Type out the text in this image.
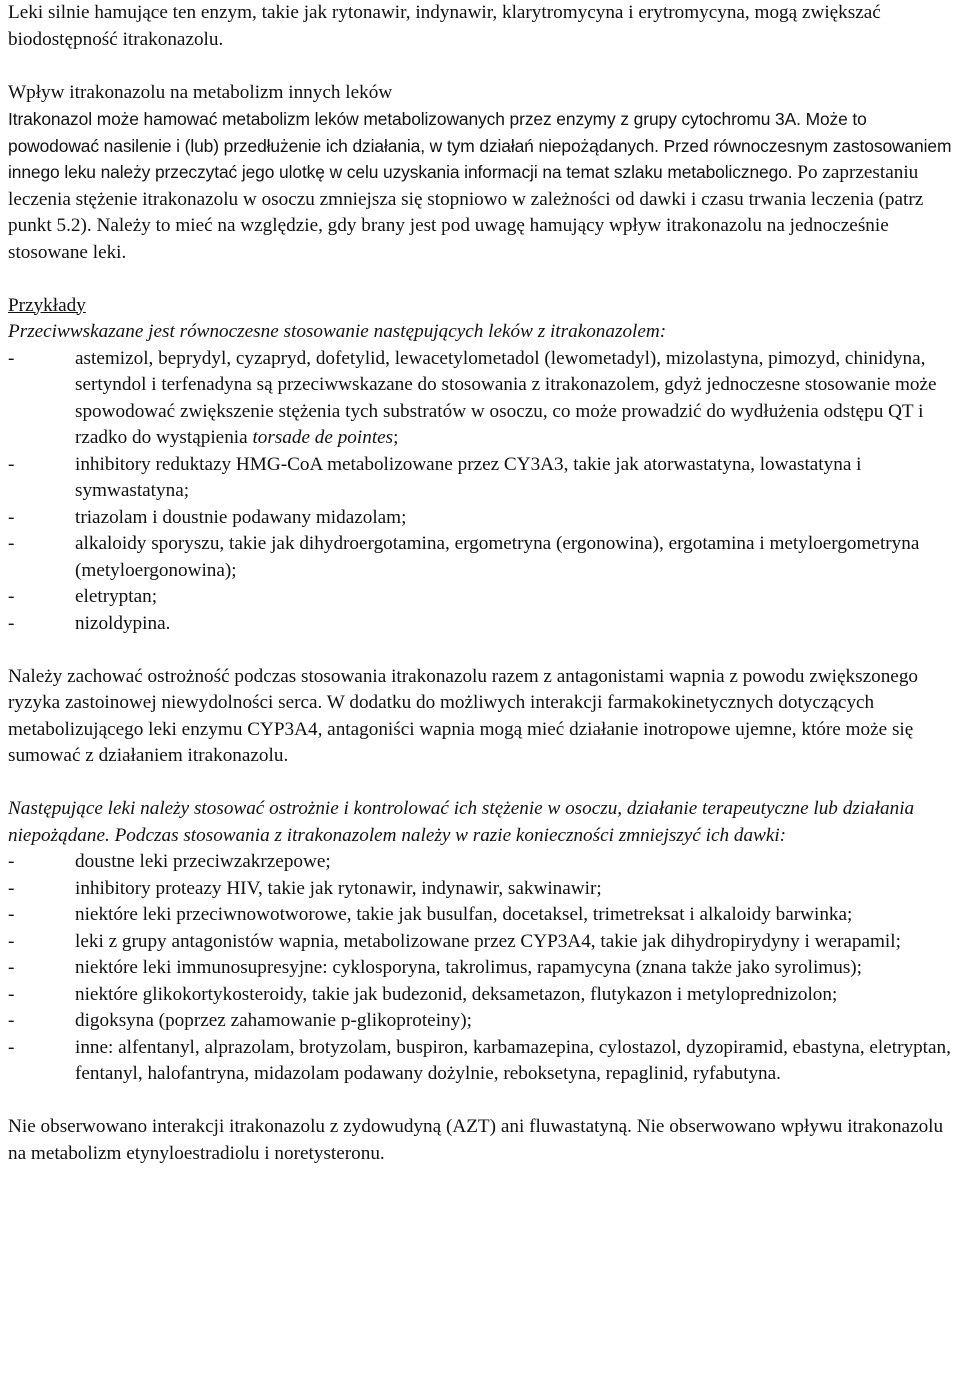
Leki silnie hamujące ten enzym, takie jak rytonawir, indynawir, klarytromycyna i erytromycyna, mogą zwiększać biodostępność itrakonazolu.

Wpływ itrakonazolu na metabolizm innych leków

Itrakonazol może hamować metabolizm leków metabolizowanych przez enzymy z grupy cytochromu 3A. Może to powodować nasilenie i (lub) przedłużenie ich działania, w tym działań niepożądanych. Przed równoczesnym zastosowaniem innego leku należy przeczytać jego ulotkę w celu uzyskania informacji na temat szlaku metabolicznego. Po zaprzestaniu leczenia stężenie itrakonazolu w osoczu zmniejsza się stopniowo w zależności od dawki i czasu trwania leczenia (patrz punkt 5.2). Należy to mieć na względzie, gdy brany jest pod uwagę hamujący wpływ itrakonazolu na jednocześnie stosowane leki.

Przykłady

Przeciwwskazane jest równoczesne stosowanie następujących leków z itrakonazolem:

-	astemizol, beprydyl, cyzapryd, dofetylid, lewacetylometadol (lewometadyl), mizolastyna, pimozyd, chinidyna, sertyndol i terfenadyna są przeciwwskazane do stosowania z itrakonazolem, gdyż jednoczesne stosowanie może spowodować zwiększenie stężenia tych substratów w osoczu, co może prowadzić do wydłużenia odstępu QT i rzadko do wystąpienia torsade de pointes;
-	inhibitory reduktazy HMG-CoA metabolizowane przez CY3A3, takie jak atorwastatyna, lowastatyna i symwastatyna;
-	triazolam i doustnie podawany midazolam;
-	alkaloidy sporyszu, takie jak dihydroergotamina, ergometryna (ergonowina), ergotamina i metyloergometryna (metyloergonowina);
-	eletryptan;
-	nizoldypina.

Należy zachować ostrożność podczas stosowania itrakonazolu razem z antagonistami wapnia z powodu zwiększonego ryzyka zastoinowej niewydolności serca. W dodatku do możliwych interakcji farmakokinetycznych dotyczących metabolizującego leki enzymu CYP3A4, antagoniści wapnia mogą mieć działanie inotropowe ujemne, które może się sumować z działaniem itrakonazolu.

Następujące leki należy stosować ostrożnie i kontrolować ich stężenie w osoczu, działanie terapeutyczne lub działania niepożądane. Podczas stosowania z itrakonazolem należy w razie konieczności zmniejszyć ich dawki:

-	doustne leki przeciwzakrzepowe;
-	inhibitory proteazy HIV, takie jak rytonawir, indynawir, sakwinawir;
-	niektóre leki przeciwnowotworowe, takie jak busulfan, docetaksel, trimetreksat i alkaloidy barwinka;
-	leki z grupy antagonistów wapnia, metabolizowane przez CYP3A4, takie jak dihydropirydyny i werapamil;
-	niektóre leki immunosupresyjne: cyklosporyna, takrolimus, rapamycyna (znana także jako syrolimus);
-	niektóre glikokortykosteroidy, takie jak budezonid, deksametazon, flutykazon i metyloprednizolon;
-	digoksyna (poprzez zahamowanie p-glikoproteiny);
-	inne: alfentanyl, alprazolam, brotyzolam, buspiron, karbamazepina, cylostazol, dyzopiramid, ebastyna, eletryptan, fentanyl, halofantryna, midazolam podawany dożylnie, reboksetyna, repaglinid, ryfabutyna.

Nie obserwowano interakcji itrakonazolu z zydowudyną (AZT) ani fluwastatyną. Nie obserwowano wpływu itrakonazolu na metabolizm etynyloestradiolu i noretysteronu.
